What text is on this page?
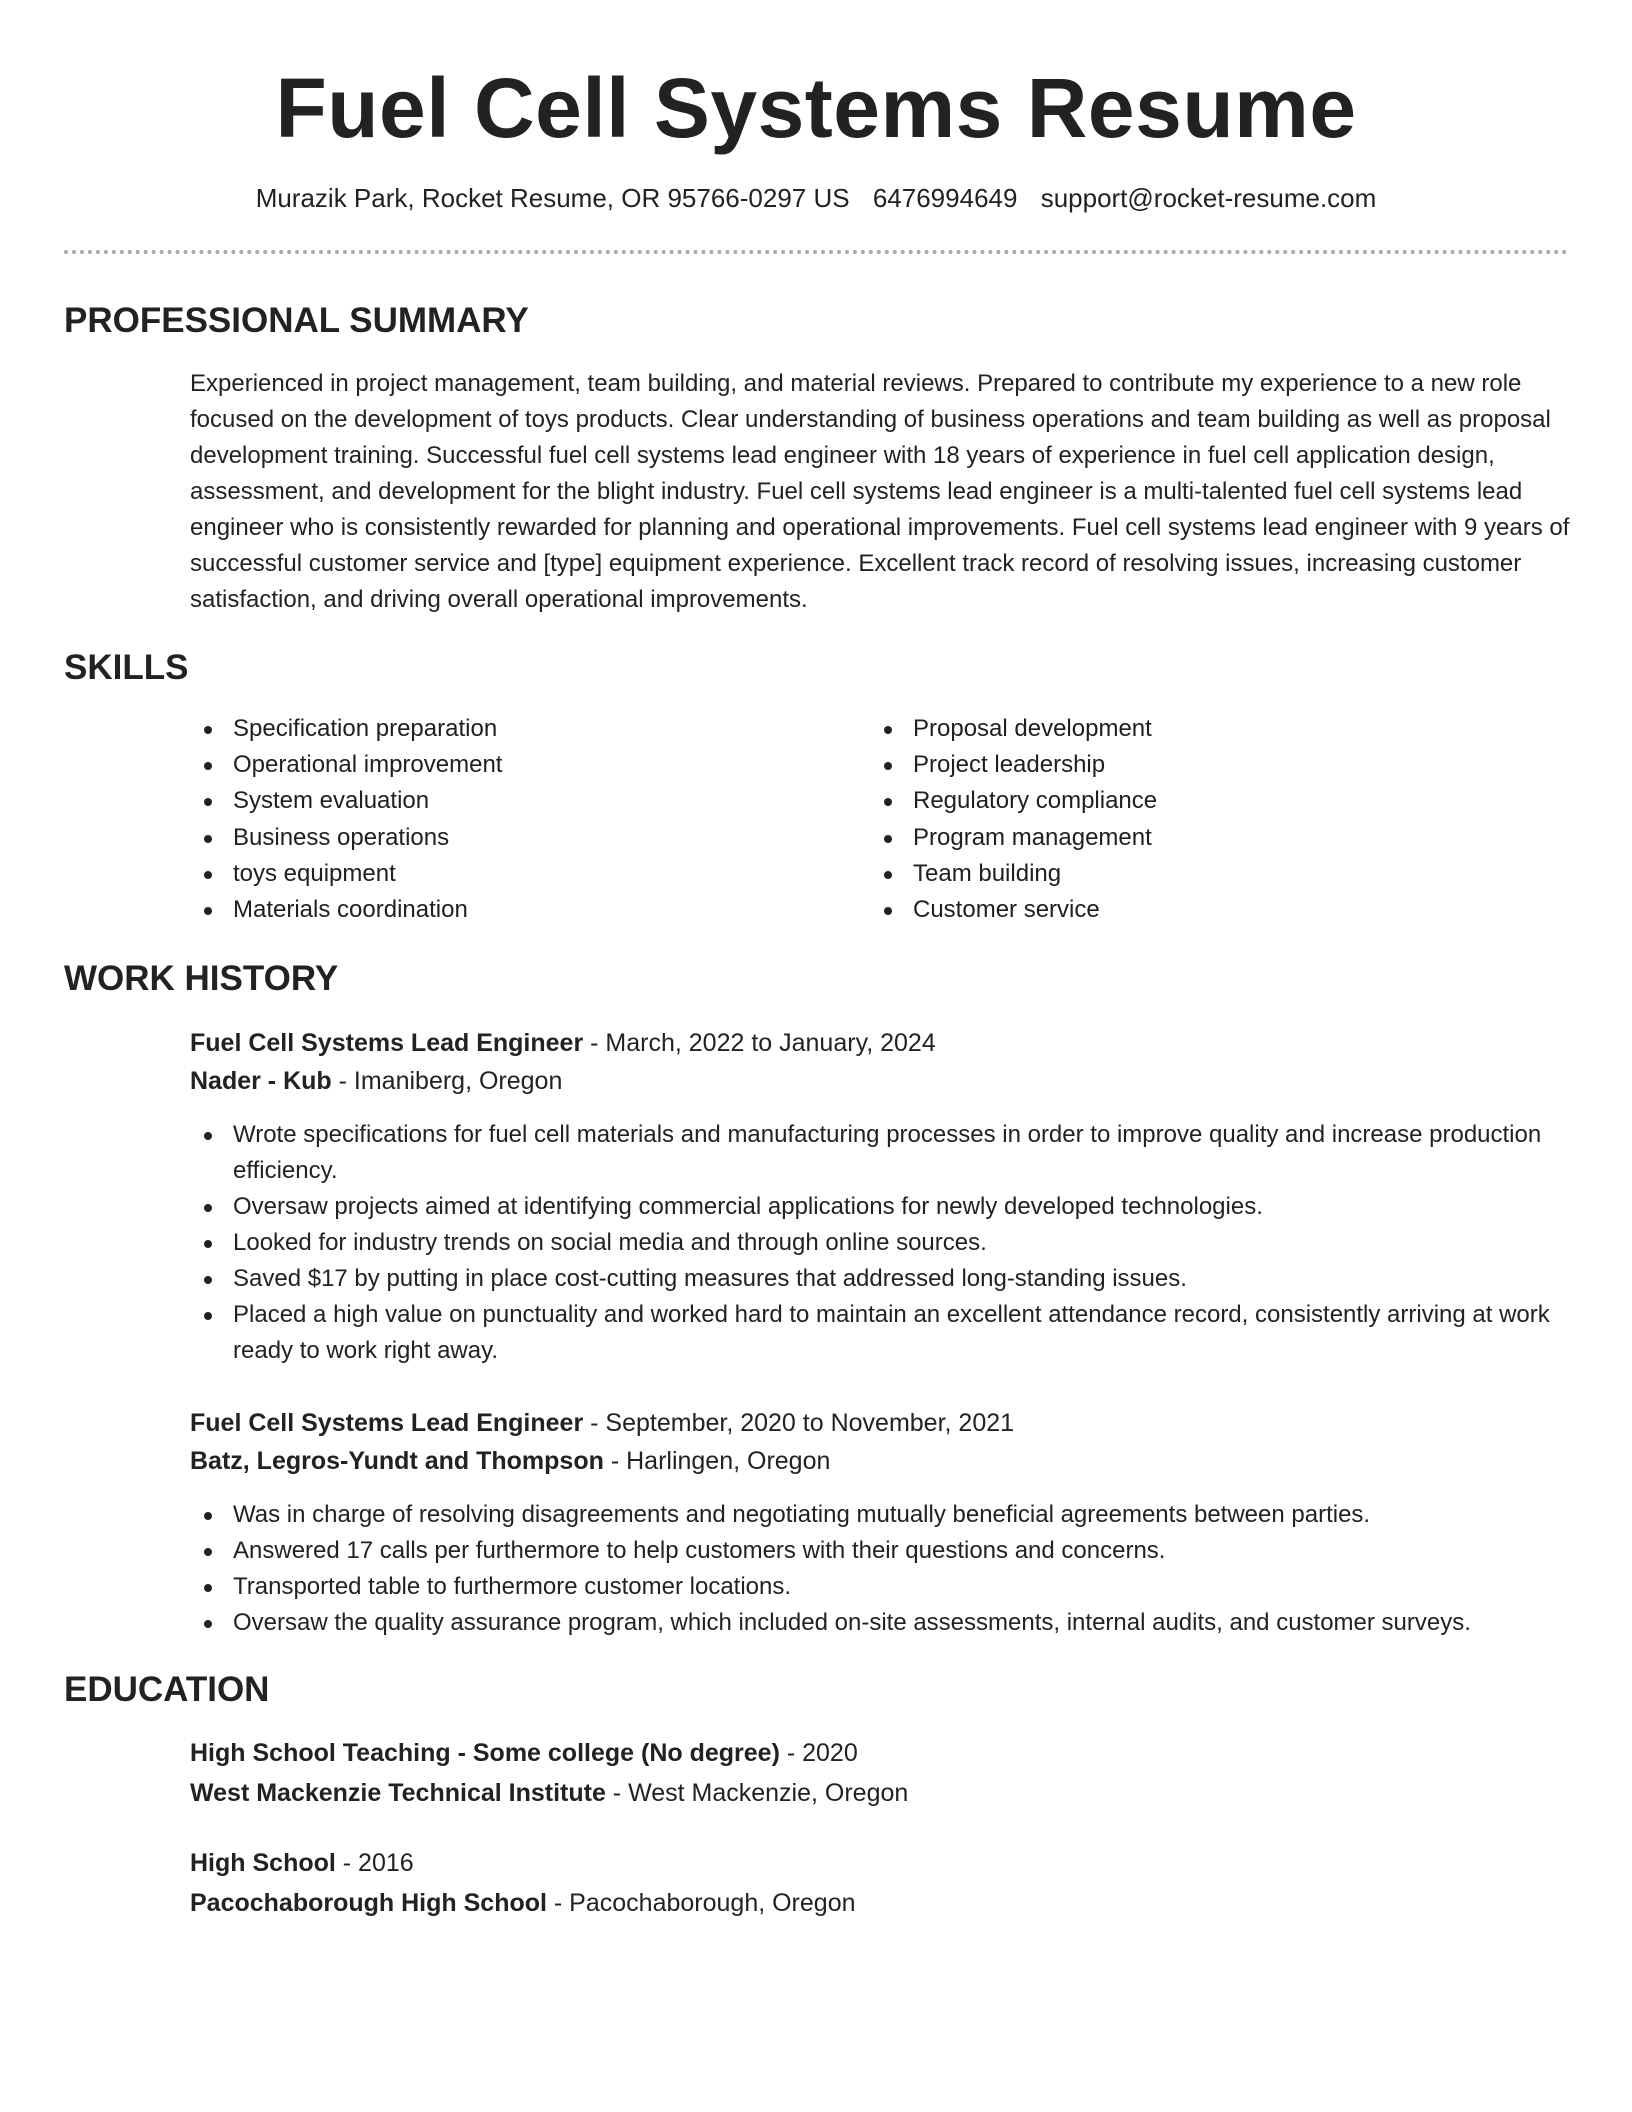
Fuel Cell Systems Resume
Murazik Park, Rocket Resume, OR 95766-0297 US 6476994649 support@rocket-resume.com
PROFESSIONAL SUMMARY

Experienced in project management, team building, and material reviews. Prepared to contribute my experience to a new role focused on the development of toys products. Clear understanding of business operations and team building as well as proposal development training. Successful fuel cell systems lead engineer with 18 years of experience in fuel cell application design, assessment, and development for the blight industry. Fuel cell systems lead engineer is a multi-talented fuel cell systems lead engineer who is consistently rewarded for planning and operational improvements. Fuel cell systems lead engineer with 9 years of successful customer service and [type] equipment experience. Excellent track record of resolving issues, increasing customer satisfaction, and driving overall operational improvements.

SKILLS
Specification preparation
Operational improvement
System evaluation
Business operations
toys equipment
Materials coordination
Proposal development
Project leadership
Regulatory compliance
Program management
Team building
Customer service
WORK HISTORY
Fuel Cell Systems Lead Engineer - March, 2022 to January, 2024
Nader - Kub - Imaniberg, Oregon
Wrote specifications for fuel cell materials and manufacturing processes in order to improve quality and increase production efficiency.
Oversaw projects aimed at identifying commercial applications for newly developed technologies.
Looked for industry trends on social media and through online sources.
Saved $17 by putting in place cost-cutting measures that addressed long-standing issues.
Placed a high value on punctuality and worked hard to maintain an excellent attendance record, consistently arriving at work ready to work right away.
Fuel Cell Systems Lead Engineer - September, 2020 to November, 2021
Batz, Legros-Yundt and Thompson - Harlingen, Oregon
Was in charge of resolving disagreements and negotiating mutually beneficial agreements between parties.
Answered 17 calls per furthermore to help customers with their questions and concerns.
Transported table to furthermore customer locations.
Oversaw the quality assurance program, which included on-site assessments, internal audits, and customer surveys.
EDUCATION
High School Teaching - Some college (No degree) - 2020
West Mackenzie Technical Institute - West Mackenzie, Oregon
High School - 2016
Pacochaborough High School - Pacochaborough, Oregon
